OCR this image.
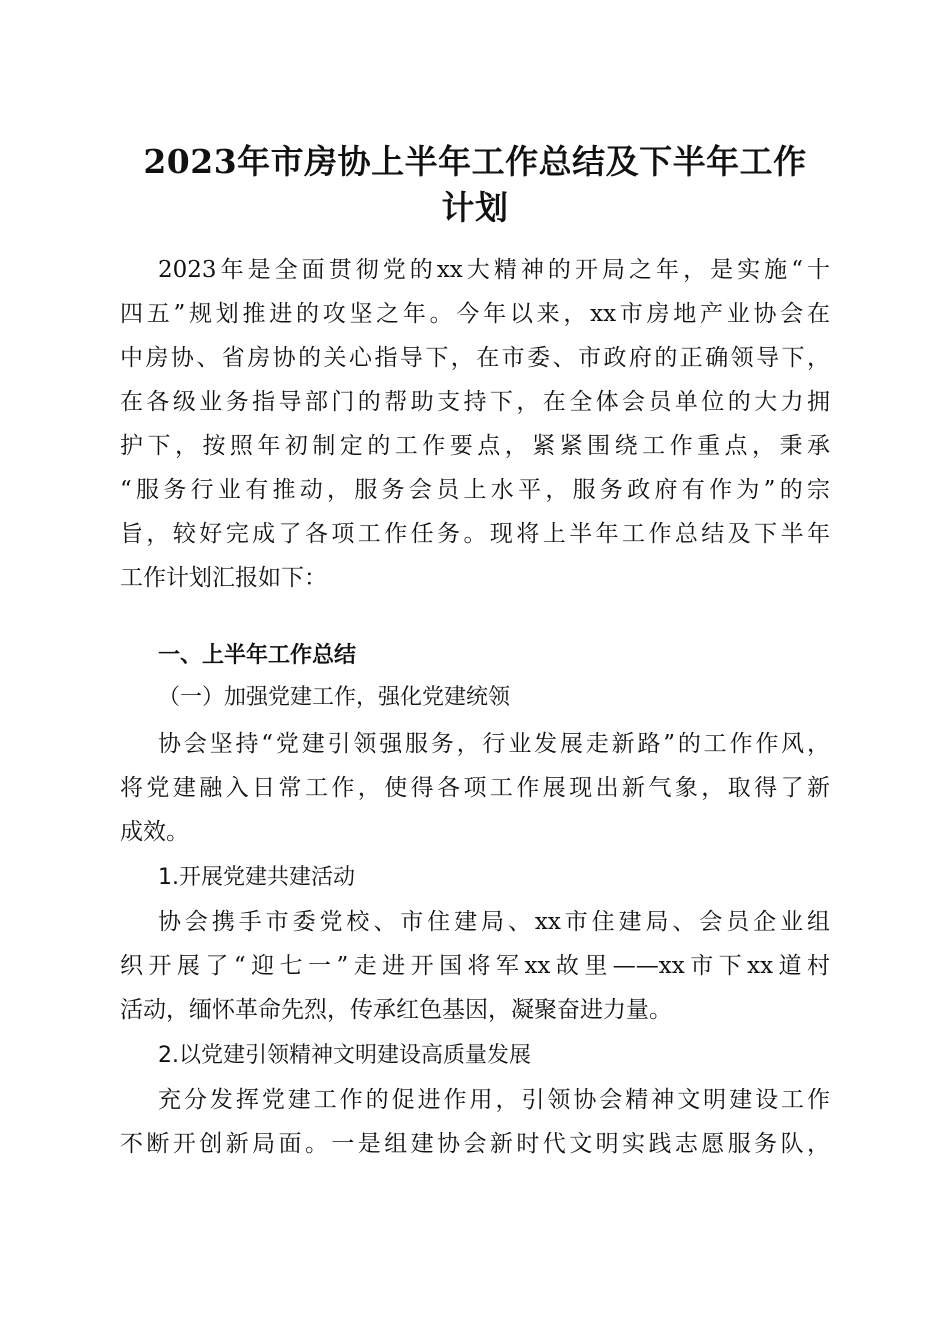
2023年市房协上半年工作总结及下半年工作
计划
2023年是全面贯彻党的xx大精神的开局之年，是实施“十
四五”规划推进的攻坚之年。今年以来，xx市房地产业协会在
中房协、省房协的关心指导下，在市委、市政府的正确领导下，
在各级业务指导部门的帮助支持下，在全体会员单位的大力拥
护下，按照年初制定的工作要点，紧紧围绕工作重点，秉承
“服务行业有推动，服务会员上水平，服务政府有作为”的宗
旨，较好完成了各项工作任务。现将上半年工作总结及下半年
工作计划汇报如下：
一、上半年工作总结
（一）加强党建工作，强化党建统领
协会坚持“党建引领强服务，行业发展走新路”的工作作风，
将党建融入日常工作，使得各项工作展现出新气象，取得了新
成效。
1.开展党建共建活动
协会携手市委党校、市住建局、xx市住建局、会员企业组
织开展了“迎七一”走进开国将军xx故里——xx市下xx道村
活动，缅怀革命先烈，传承红色基因，凝聚奋进力量。
2.以党建引领精神文明建设高质量发展
充分发挥党建工作的促进作用，引领协会精神文明建设工作
不断开创新局面。一是组建协会新时代文明实践志愿服务队，
